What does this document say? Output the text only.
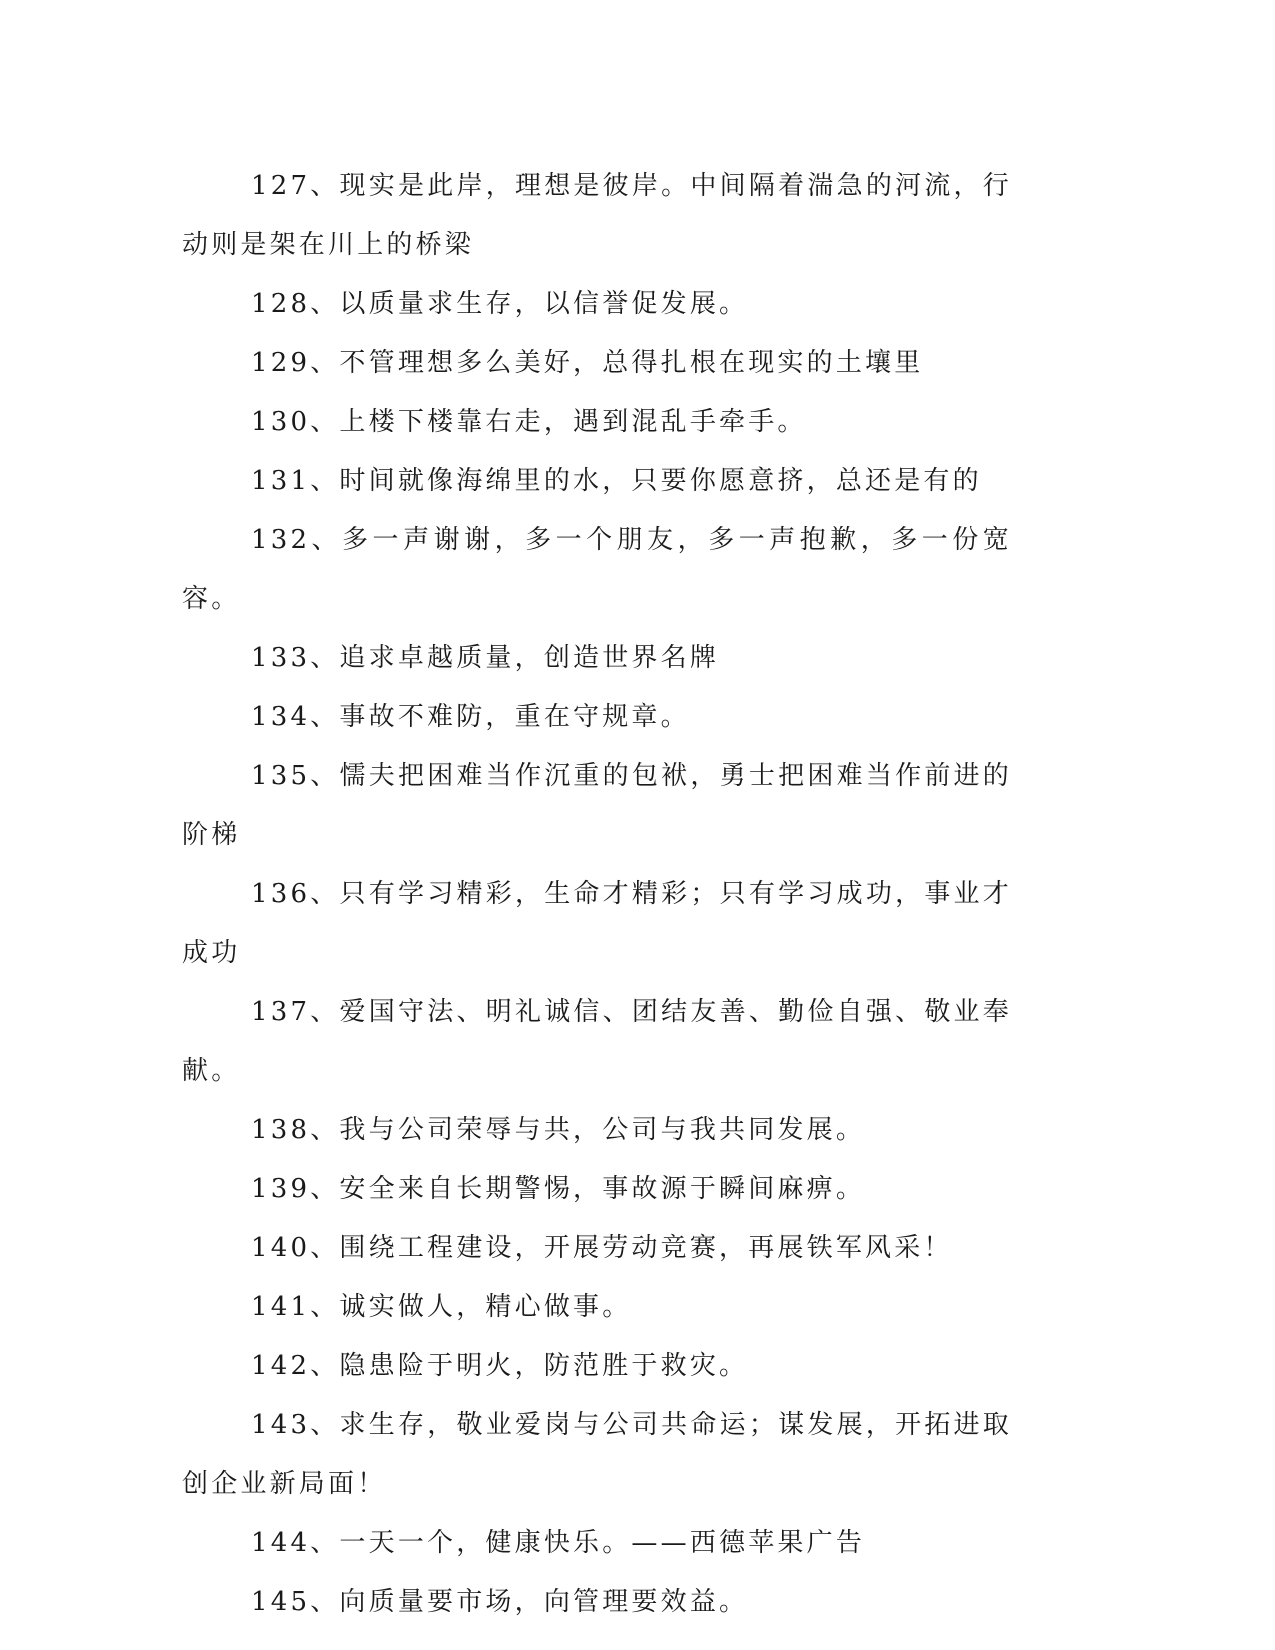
127、现实是此岸，理想是彼岸。中间隔着湍急的河流，行动则是架在川上的桥梁

128、以质量求生存，以信誉促发展。

129、不管理想多么美好，总得扎根在现实的土壤里

130、上楼下楼靠右走，遇到混乱手牵手。

131、时间就像海绵里的水，只要你愿意挤，总还是有的

132、多一声谢谢，多一个朋友，多一声抱歉，多一份宽容。

133、追求卓越质量，创造世界名牌

134、事故不难防，重在守规章。

135、懦夫把困难当作沉重的包袱，勇士把困难当作前进的阶梯

136、只有学习精彩，生命才精彩；只有学习成功，事业才成功

137、爱国守法、明礼诚信、团结友善、勤俭自强、敬业奉献。

138、我与公司荣辱与共，公司与我共同发展。

139、安全来自长期警惕，事故源于瞬间麻痹。

140、围绕工程建设，开展劳动竞赛，再展铁军风采！

141、诚实做人，精心做事。

142、隐患险于明火，防范胜于救灾。

143、求生存，敬业爱岗与公司共命运；谋发展，开拓进取创企业新局面！

144、一天一个，健康快乐。——西德苹果广告

145、向质量要市场，向管理要效益。
